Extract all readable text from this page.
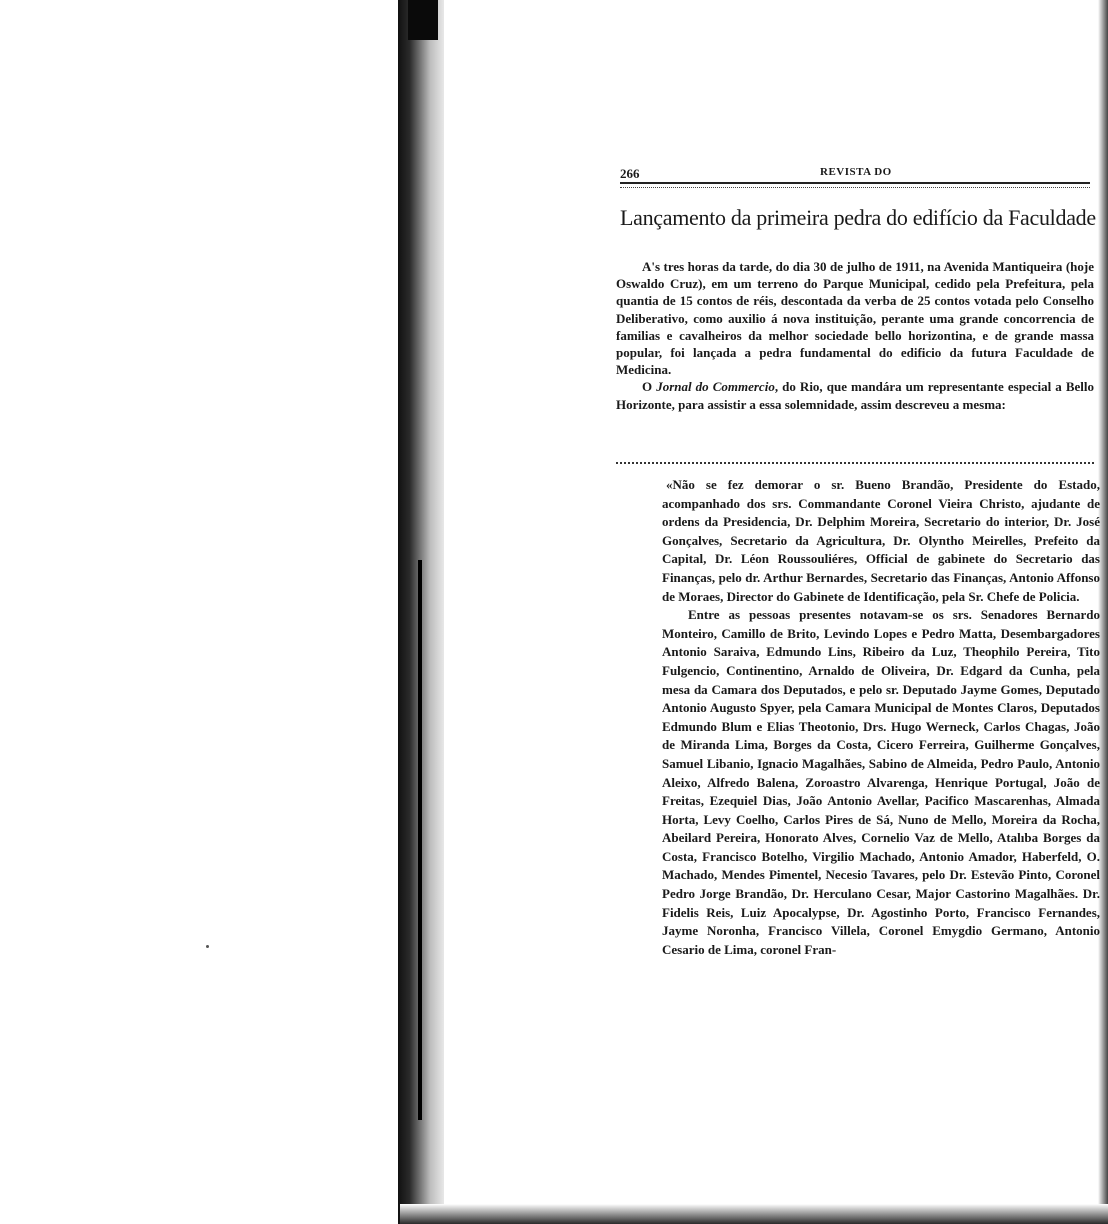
266	REVISTA DO
Lançamento da primeira pedra do edifício da Faculdade

A's tres horas da tarde, do dia 30 de julho de 1911, na Avenida Mantiqueira (hoje Oswaldo Cruz), em um terreno do Parque Municipal, cedido pela Prefeitura, pela quantia de 15 contos de réis, descontada da verba de 25 contos votada pelo Conselho Deliberativo, como auxilio á nova instituição, perante uma grande concorrencia de familias e cavalheiros da melhor sociedade bello horizontina, e de grande massa popular, foi lançada a pedra fundamental do edificio da futura Faculdade de Medicina.

O Jornal do Commercio, do Rio, que mandára um representante especial a Bello Horizonte, para assistir a essa solemnidade, assim descreveu a mesma:

«Não se fez demorar o sr. Bueno Brandão, Presidente do Estado, acompanhado dos srs. Commandante Coronel Vieira Christo, ajudante de ordens da Presidencia, Dr. Delphim Moreira, Secretario do interior, Dr. José Gonçalves, Secretario da Agricultura, Dr. Olyntho Meirelles, Prefeito da Capital, Dr. Léon Roussouliéres, Official de gabinete do Secretario das Finanças, pelo dr. Arthur Bernardes, Secretario das Finanças, Antonio Affonso de Moraes, Director do Gabinete de Identificação, pela Sr. Chefe de Policia.

Entre as pessoas presentes notavam-se os srs. Senadores Bernardo Monteiro, Camillo de Brito, Levindo Lopes e Pedro Matta, Desembargadores Antonio Saraiva, Edmundo Lins, Ribeiro da Luz, Theophilo Pereira, Tito Fulgencio, Continentino, Arnaldo de Oliveira, Dr. Edgard da Cunha, pela mesa da Camara dos Deputados, e pelo sr. Deputado Jayme Gomes, Deputado Antonio Augusto Spyer, pela Camara Municipal de Montes Claros, Deputados Edmundo Blum e Elias Theotonio, Drs. Hugo Werneck, Carlos Chagas, João de Miranda Lima, Borges da Costa, Cicero Ferreira, Guilherme Gonçalves, Samuel Libanio, Ignacio Magalhães, Sabino de Almeida, Pedro Paulo, Antonio Aleixo, Alfredo Balena, Zoroastro Alvarenga, Henrique Portugal, João de Freitas, Ezequiel Dias, João Antonio Avellar, Pacifico Mascarenhas, Almada Horta, Levy Coelho, Carlos Pires de Sá, Nuno de Mello, Moreira da Rocha, Abeilard Pereira, Honorato Alves, Cornelio Vaz de Mello, Atalıba Borges da Costa, Francisco Botelho, Virgilio Machado, Antonio Amador, Haberfeld, O. Machado, Mendes Pimentel, Necesio Tavares, pelo Dr. Estevão Pinto, Coronel Pedro Jorge Brandão, Dr. Herculano Cesar, Major Castorino Magalhães. Dr. Fidelis Reis, Luiz Apocalypse, Dr. Agostinho Porto, Francisco Fernandes, Jayme Noronha, Francisco Villela, Coronel Emygdio Germano, Antonio Cesario de Lima, coronel Fran-
